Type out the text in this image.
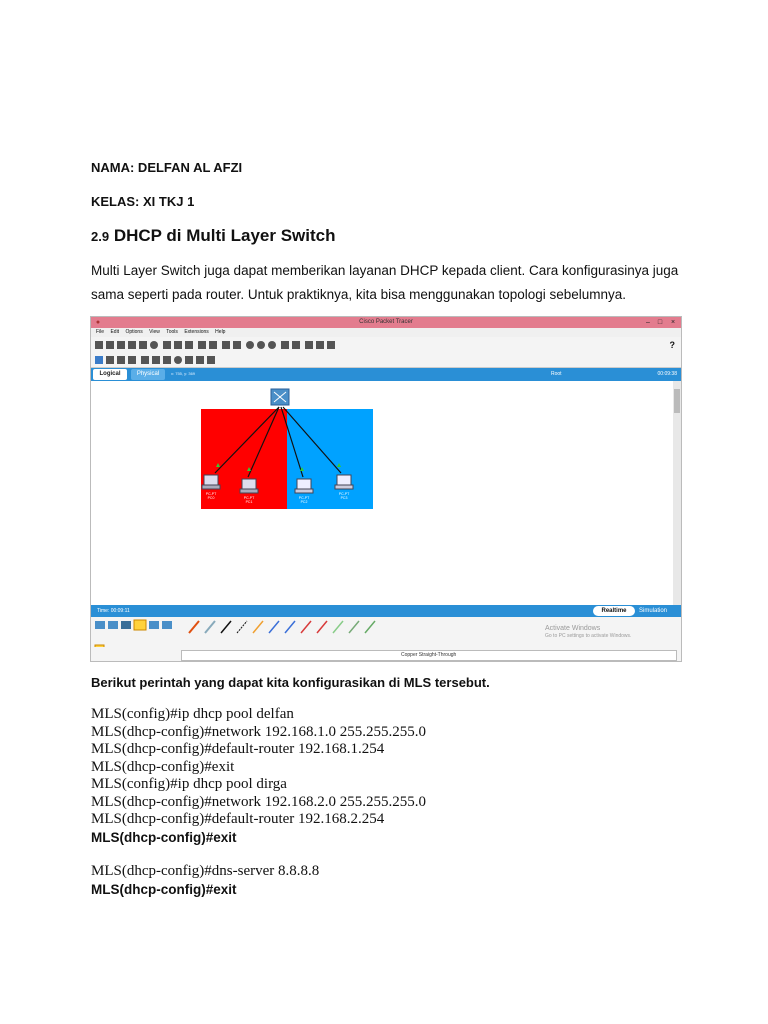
NAMA: DELFAN AL AFZI
KELAS: XI TKJ 1
2.9 DHCP di Multi Layer Switch
Multi Layer Switch juga dapat memberikan layanan DHCP kepada client. Cara konfigurasinya juga
sama seperti pada router. Untuk praktiknya, kita bisa menggunakan topologi sebelumnya.
Cisco Packet Tracer
●	–	□	×
File Edit Options View Tools Extensions Help
?
Logical	Physical	x: 755, y: 369	Root	00:09:38
PC-PT
PC0	PC-PT
PC1
PC-PT
PC2
PC-PT
PC3
Time: 00:09:11	Realtime	Simulation
Activate Windows
Go to PC settings to activate Windows.
Copper Straight-Through
Berikut perintah yang dapat kita konfigurasikan di MLS tersebut.
MLS(config)#ip dhcp pool delfan
MLS(dhcp-config)#network 192.168.1.0 255.255.255.0
MLS(dhcp-config)#default-router 192.168.1.254
MLS(dhcp-config)#exit
MLS(config)#ip dhcp pool dirga
MLS(dhcp-config)#network 192.168.2.0 255.255.255.0
MLS(dhcp-config)#default-router 192.168.2.254
MLS(dhcp-config)#exit
MLS(dhcp-config)#dns-server 8.8.8.8
MLS(dhcp-config)#exit
